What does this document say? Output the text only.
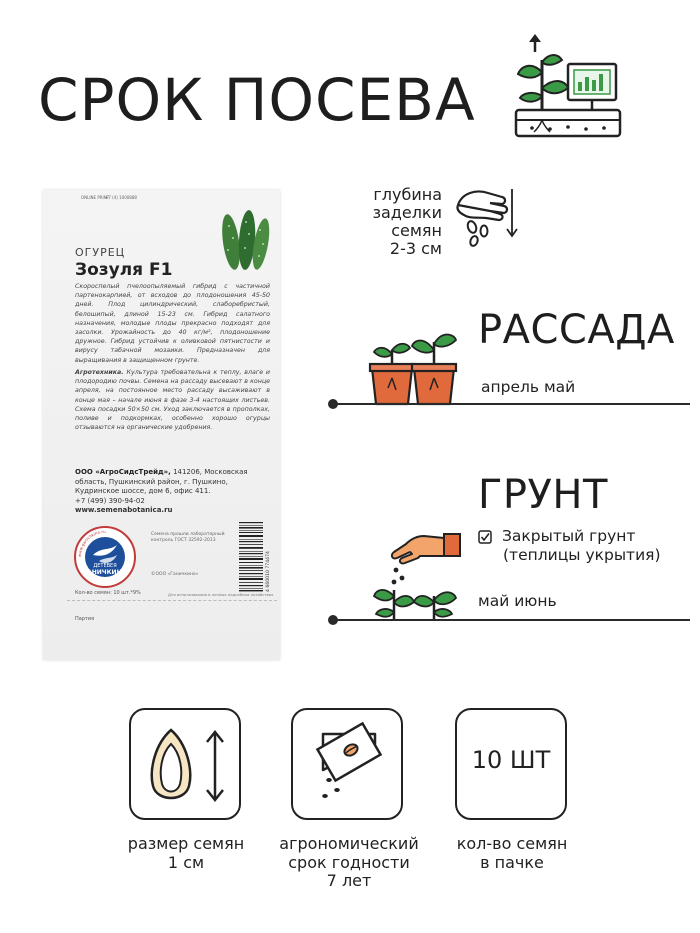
СРОК ПОСЕВА
ONLINE PRINT
+7 (4) 1000888
ОГУРЕЦ
Зозуля F1
Скороспелый пчелоопыляемый гибрид с частичной партенокарпией, от всходов до плодоношения 45-50 дней. Плод цилиндрический, слаборебристый, белошипый, длиной 15-23 см. Гибрид салатного назначения, молодые плоды прекрасно подходят для засолки. Урожайность до 40 кг/м², плодоношение дружное. Гибрид устойчив к оливковой пятнистости и вирусу табачной мозаики. Предназначен для выращивания в защищенном грунте.
Агротехника. Культура требовательна к теплу, влаге и плодородию почвы. Семена на рассаду высевают в конце апреля, на постоянное место рассаду высаживают в конце мая – начале июня в фазе 3-4 настоящих листьев. Схема посадки 50×50 см. Уход заключается в прополках, поливе и подкормках, особенно хорошо огурцы отзываются на органические удобрения.
ООО «АгроСидсТрейд», 141206, Московская область, Пушкинский район, г. Пушкино, Кудринское шоссе, дом 6, офис 411.
+7 (499) 390-94-02
www.semenabotanica.ru
ДЕТЕВЕЯ
ГАНИЧКИНО
www.ganichkino.ru
Семена прошли лабораторный контроль ГОСТ 32592-2013
©ООО «Ганичкино»	4 660010 774474
Кол-во семян: 10 шт.*9%	Для использования в личных подсобных хозяйствах
Партия
глубина
заделки
семян
2-3 см
РАССАДА
апрель май
ГРУНТ
Закрытый грунт
(теплицы укрытия)
май июнь
10 ШТ
размер семян
1 см
агрономический
срок годности
7 лет
кол-во семян
в пачке
